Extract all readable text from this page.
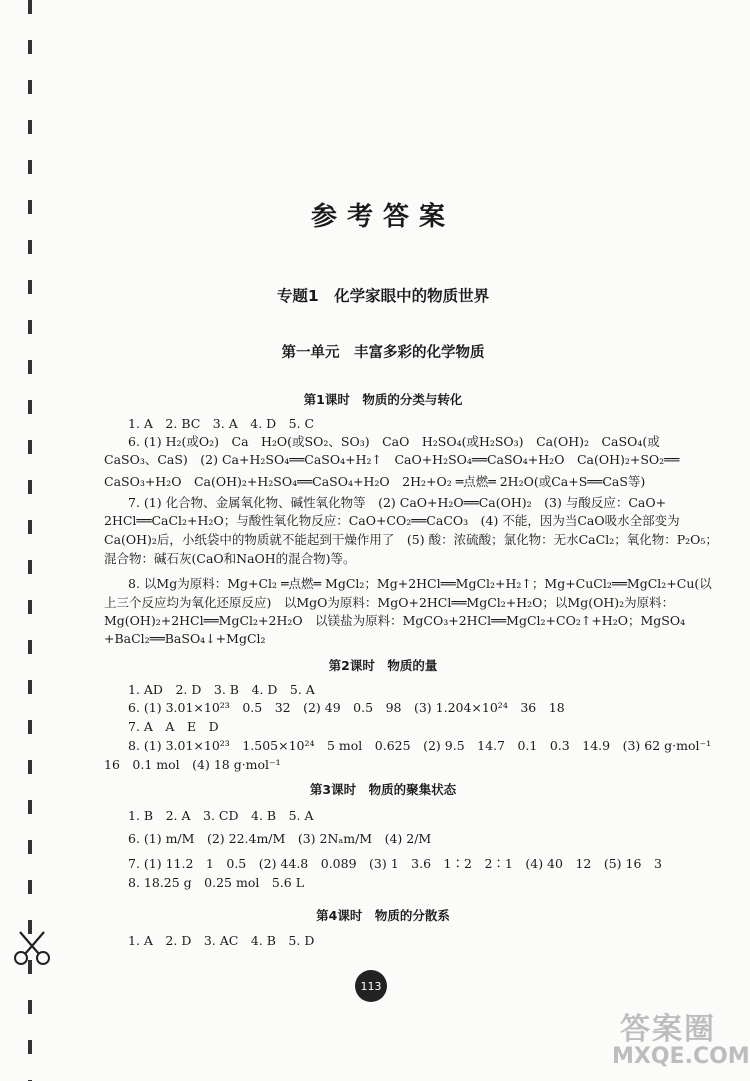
参考答案
专题1　化学家眼中的物质世界
第一单元　丰富多彩的化学物质
第1课时　物质的分类与转化
1. A　2. BC　3. A　4. D　5. C
6. (1) H₂(或O₂)　Ca　H₂O(或SO₂、SO₃)　CaO　H₂SO₄(或H₂SO₃)　Ca(OH)₂　CaSO₄(或
CaSO₃、CaS)　(2) Ca+H₂SO₄══CaSO₄+H₂↑　CaO+H₂SO₄══CaSO₄+H₂O　Ca(OH)₂+SO₂══
CaSO₃+H₂O　Ca(OH)₂+H₂SO₄══CaSO₄+H₂O　2H₂+O₂ ═点燃═ 2H₂O(或Ca+S══CaS等)
7. (1) 化合物、金属氧化物、碱性氧化物等　(2) CaO+H₂O══Ca(OH)₂　(3) 与酸反应：CaO+
2HCl══CaCl₂+H₂O；与酸性氧化物反应：CaO+CO₂══CaCO₃　(4) 不能，因为当CaO吸水全部变为
Ca(OH)₂后，小纸袋中的物质就不能起到干燥作用了　(5) 酸：浓硫酸；氯化物：无水CaCl₂；氧化物：P₂O₅；
混合物：碱石灰(CaO和NaOH的混合物)等。
8. 以Mg为原料：Mg+Cl₂ ═点燃═ MgCl₂；Mg+2HCl══MgCl₂+H₂↑；Mg+CuCl₂══MgCl₂+Cu(以
上三个反应均为氧化还原反应)　以MgO为原料：MgO+2HCl══MgCl₂+H₂O；以Mg(OH)₂为原料：
Mg(OH)₂+2HCl══MgCl₂+2H₂O　以镁盐为原料：MgCO₃+2HCl══MgCl₂+CO₂↑+H₂O；MgSO₄
+BaCl₂══BaSO₄↓+MgCl₂
第2课时　物质的量
1. AD　2. D　3. B　4. D　5. A
6. (1) 3.01×10²³　0.5　32　(2) 49　0.5　98　(3) 1.204×10²⁴　36　18
7. A　A　E　D
8. (1) 3.01×10²³　1.505×10²⁴　5 mol　0.625　(2) 9.5　14.7　0.1　0.3　14.9　(3) 62 g·mol⁻¹
16　0.1 mol　(4) 18 g·mol⁻¹
第3课时　物质的聚集状态
1. B　2. A　3. CD　4. B　5. A
6. (1) m/M　(2) 22.4m/M　(3) 2Nₐm/M　(4) 2/M
7. (1) 11.2　1　0.5　(2) 44.8　0.089　(3) 1　3.6　1∶2　2∶1　(4) 40　12　(5) 16　3
8. 18.25 g　0.25 mol　5.6 L
第4课时　物质的分散系
1. A　2. D　3. AC　4. B　5. D
113
答案圈
MXQE.COM
